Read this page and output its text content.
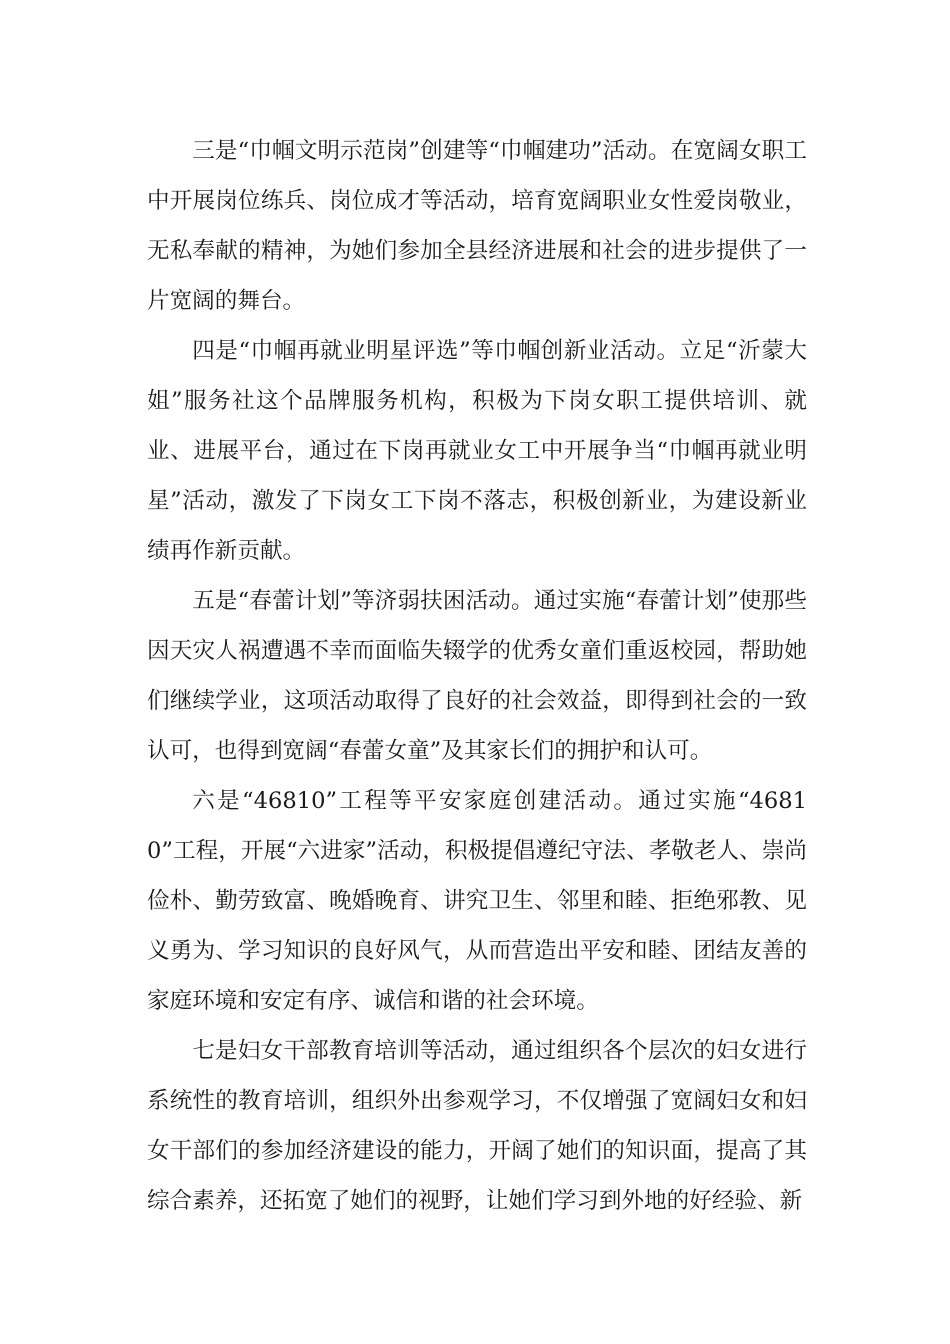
三是“巾帼文明示范岗”创建等“巾帼建功”活动。在宽阔女职工中开展岗位练兵、岗位成才等活动，培育宽阔职业女性爱岗敬业，无私奉献的精神，为她们参加全县经济进展和社会的进步提供了一片宽阔的舞台。

四是“巾帼再就业明星评选”等巾帼创新业活动。立足“沂蒙大姐”服务社这个品牌服务机构，积极为下岗女职工提供培训、就业、进展平台，通过在下岗再就业女工中开展争当“巾帼再就业明星”活动，激发了下岗女工下岗不落志，积极创新业，为建设新业绩再作新贡献。

五是“春蕾计划”等济弱扶困活动。通过实施“春蕾计划”使那些因天灾人祸遭遇不幸而面临失辍学的优秀女童们重返校园，帮助她们继续学业，这项活动取得了良好的社会效益，即得到社会的一致认可，也得到宽阔“春蕾女童”及其家长们的拥护和认可。

六是“46810”工程等平安家庭创建活动。通过实施“46810”工程，开展“六进家”活动，积极提倡遵纪守法、孝敬老人、崇尚俭朴、勤劳致富、晚婚晚育、讲究卫生、邻里和睦、拒绝邪教、见义勇为、学习知识的良好风气，从而营造出平安和睦、团结友善的家庭环境和安定有序、诚信和谐的社会环境。

七是妇女干部教育培训等活动，通过组织各个层次的妇女进行系统性的教育培训，组织外出参观学习，不仅增强了宽阔妇女和妇女干部们的参加经济建设的能力，开阔了她们的知识面，提高了其综合素养，还拓宽了她们的视野，让她们学习到外地的好经验、新
